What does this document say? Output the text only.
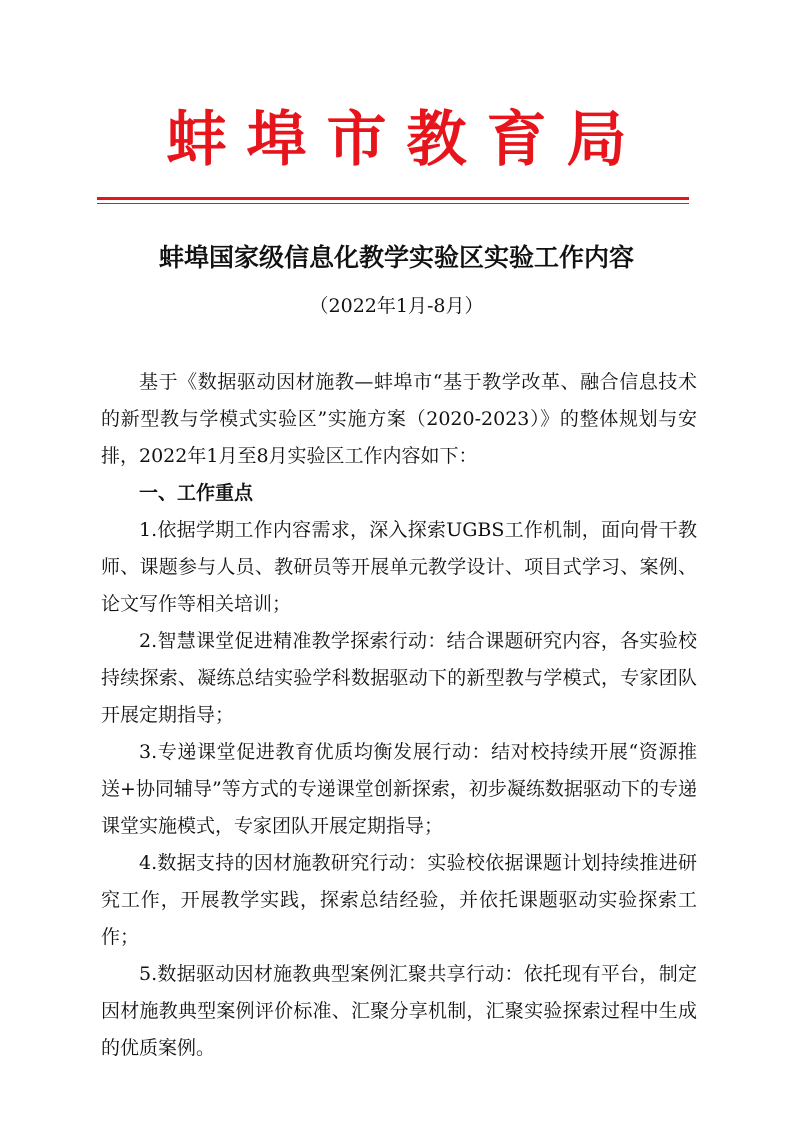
蚌埠市教育局
蚌埠国家级信息化教学实验区实验工作内容
（2022年1月-8月）

基于《数据驱动因材施教—蚌埠市“基于教学改革、融合信息技术的新型教与学模式实验区”实施方案（2020-2023）》的整体规划与安排，2022年1月至8月实验区工作内容如下：

一、工作重点

1.依据学期工作内容需求，深入探索UGBS工作机制，面向骨干教师、课题参与人员、教研员等开展单元教学设计、项目式学习、案例、论文写作等相关培训；

2.智慧课堂促进精准教学探索行动：结合课题研究内容，各实验校持续探索、凝练总结实验学科数据驱动下的新型教与学模式，专家团队开展定期指导；

3.专递课堂促进教育优质均衡发展行动：结对校持续开展“资源推送+协同辅导”等方式的专递课堂创新探索，初步凝练数据驱动下的专递课堂实施模式，专家团队开展定期指导；

4.数据支持的因材施教研究行动：实验校依据课题计划持续推进研究工作，开展教学实践，探索总结经验，并依托课题驱动实验探索工作；

5.数据驱动因材施教典型案例汇聚共享行动：依托现有平台，制定因材施教典型案例评价标准、汇聚分享机制，汇聚实验探索过程中生成的优质案例。
